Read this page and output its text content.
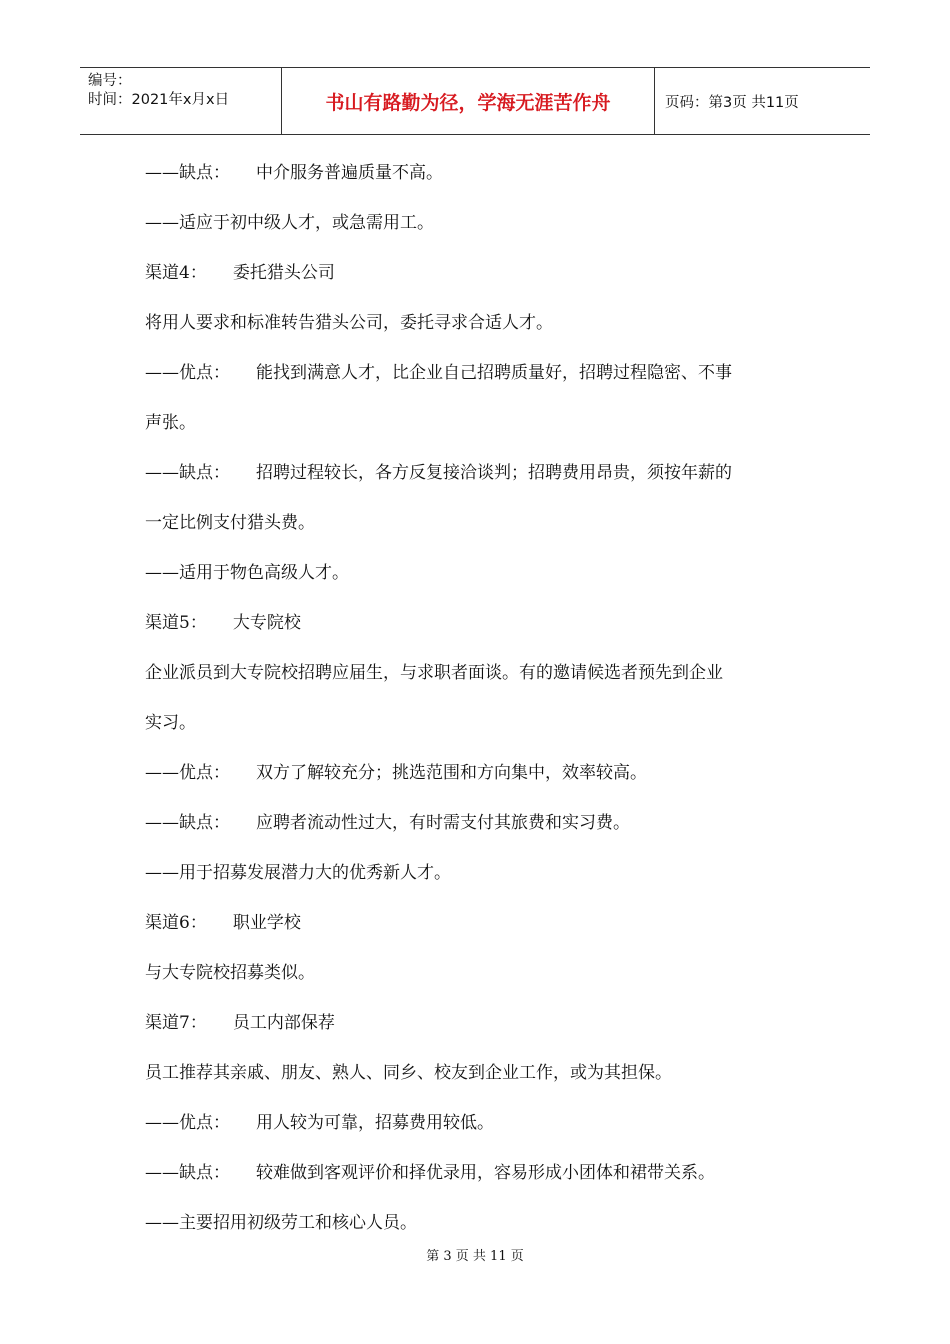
编号：
时间：2021年x月x日	书山有路勤为径，学海无涯苦作舟	页码：第3页 共11页
——缺点： 中介服务普遍质量不高。
——适应于初中级人才，或急需用工。
渠道4： 委托猎头公司
将用人要求和标准转告猎头公司，委托寻求合适人才。
——优点： 能找到满意人才，比企业自己招聘质量好，招聘过程隐密、不事
声张。
——缺点： 招聘过程较长，各方反复接洽谈判；招聘费用昂贵，须按年薪的
一定比例支付猎头费。
——适用于物色高级人才。
渠道5： 大专院校
企业派员到大专院校招聘应届生，与求职者面谈。有的邀请候选者预先到企业
实习。
——优点： 双方了解较充分；挑选范围和方向集中，效率较高。
——缺点： 应聘者流动性过大，有时需支付其旅费和实习费。
——用于招募发展潜力大的优秀新人才。
渠道6： 职业学校
与大专院校招募类似。
渠道7： 员工内部保荐
员工推荐其亲戚、朋友、熟人、同乡、校友到企业工作，或为其担保。
——优点： 用人较为可靠，招募费用较低。
——缺点： 较难做到客观评价和择优录用，容易形成小团体和裙带关系。
——主要招用初级劳工和核心人员。
第 3 页 共 11 页
